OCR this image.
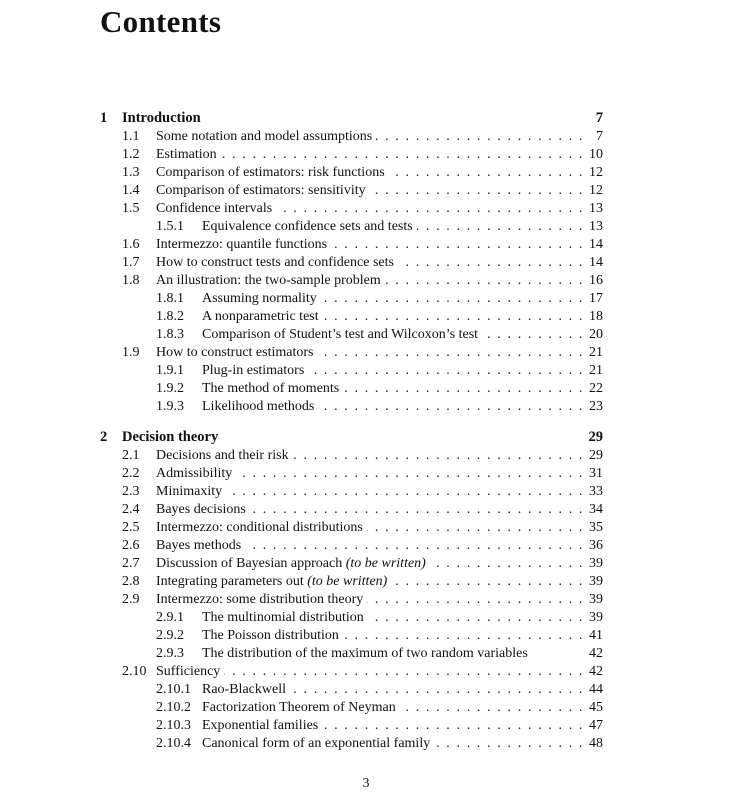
Contents
1	Introduction	7
1.1	Some notation and model assumptions . . .	7
1.2	Estimation . . .	10
1.3	Comparison of estimators: risk functions . . .	12
1.4	Comparison of estimators: sensitivity . . .	12
1.5	Confidence intervals . . .	13
1.5.1	Equivalence confidence sets and tests . . .	13
1.6	Intermezzo: quantile functions . . .	14
1.7	How to construct tests and confidence sets . . .	14
1.8	An illustration: the two-sample problem . . .	16
1.8.1	Assuming normality . . .	17
1.8.2	A nonparametric test . . .	18
1.8.3	Comparison of Student’s test and Wilcoxon’s test . . .	20
1.9	How to construct estimators . . .	21
1.9.1	Plug-in estimators . . .	21
1.9.2	The method of moments . . .	22
1.9.3	Likelihood methods . . .	23
2	Decision theory	29
2.1	Decisions and their risk . . .	29
2.2	Admissibility . . .	31
2.3	Minimaxity . . .	33
2.4	Bayes decisions . . .	34
2.5	Intermezzo: conditional distributions . . .	35
2.6	Bayes methods . . .	36
2.7	Discussion of Bayesian approach (to be written) . . .	39
2.8	Integrating parameters out (to be written) . . .	39
2.9	Intermezzo: some distribution theory . . .	39
2.9.1	The multinomial distribution . . .	39
2.9.2	The Poisson distribution . . .	41
2.9.3	The distribution of the maximum of two random variables	42
2.10 Sufficiency . . .	42
2.10.1 Rao-Blackwell . . .	44
2.10.2 Factorization Theorem of Neyman . . .	45
2.10.3 Exponential families . . .	47
2.10.4 Canonical form of an exponential family . . .	48
3
